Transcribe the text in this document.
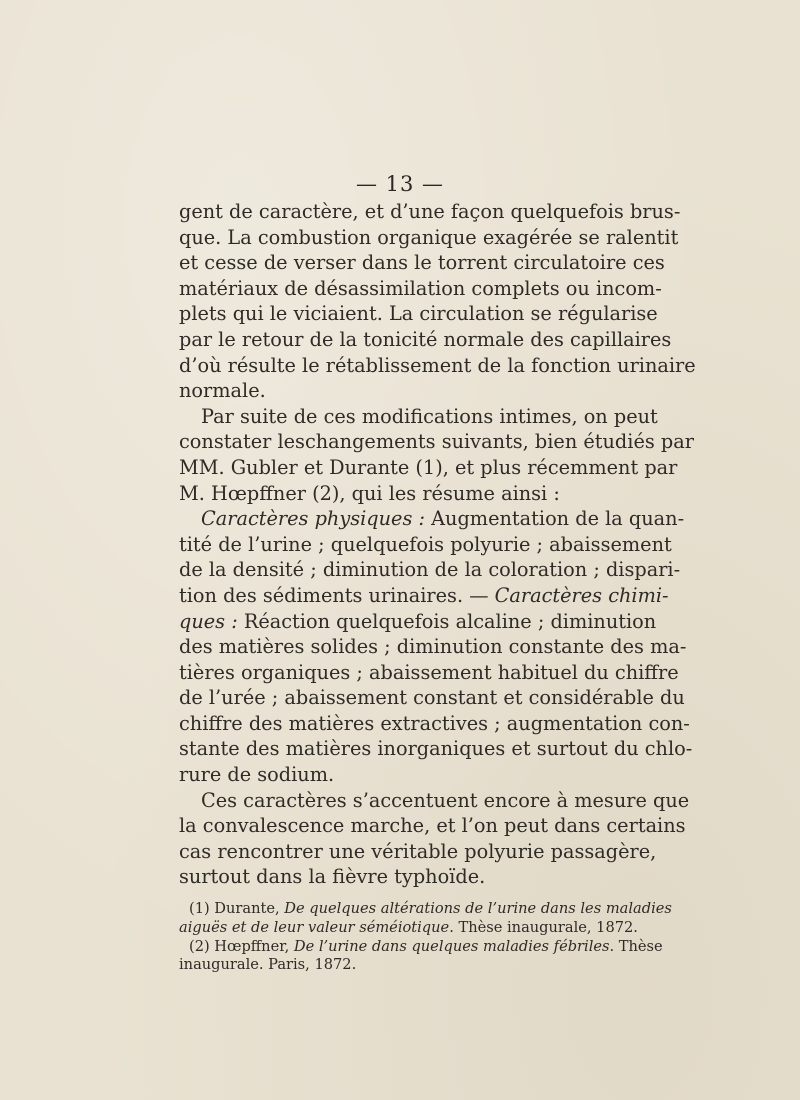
— 13 —
gent de caractère, et d’une façon quelquefois brus-
que. La combustion organique exagérée se ralentit
et cesse de verser dans le torrent circulatoire ces
matériaux de désassimilation complets ou incom-
plets qui le viciaient. La circulation se régularise
par le retour de la tonicité normale des capillaires
d’où résulte le rétablissement de la fonction urinaire
normale.
Par suite de ces modifications intimes, on peut
constater leschangements suivants, bien étudiés par
MM. Gubler et Durante (1), et plus récemment par
M. Hœpffner (2), qui les résume ainsi :
Caractères physiques : Augmentation de la quan-
tité de l’urine ; quelquefois polyurie ; abaissement
de la densité ; diminution de la coloration ; dispari-
tion des sédiments urinaires. — Caractères chimi-
ques : Réaction quelquefois alcaline ; diminution
des matières solides ; diminution constante des ma-
tières organiques ; abaissement habituel du chiffre
de l’urée ; abaissement constant et considérable du
chiffre des matières extractives ; augmentation con-
stante des matières inorganiques et surtout du chlo-
rure de sodium.
Ces caractères s’accentuent encore à mesure que
la convalescence marche, et l’on peut dans certains
cas rencontrer une véritable polyurie passagère,
surtout dans la fièvre typhoïde.
(1) Durante, De quelques altérations de l’urine dans les maladies
aiguës et de leur valeur séméiotique. Thèse inaugurale, 1872.
(2) Hœpffner, De l’urine dans quelques maladies fébriles. Thèse
inaugurale. Paris, 1872.
